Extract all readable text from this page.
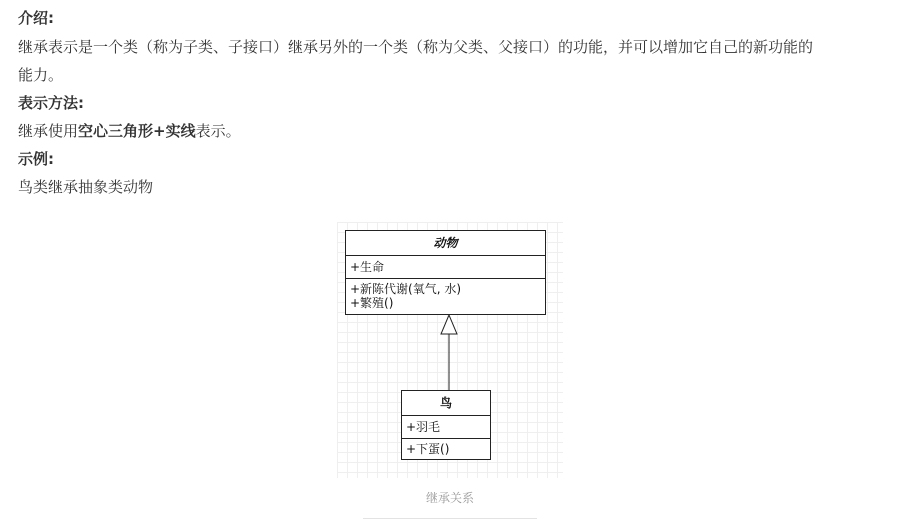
介绍:
继承表示是一个类（称为子类、子接口）继承另外的一个类（称为父类、父接口）的功能，并可以增加它自己的新功能的
能力。
表示方法:
继承使用空心三角形+实线表示。
示例:
鸟类继承抽象类动物
动物
+生命
+新陈代谢(氧气, 水)
+繁殖()
鸟
+羽毛
+下蛋()
继承关系
